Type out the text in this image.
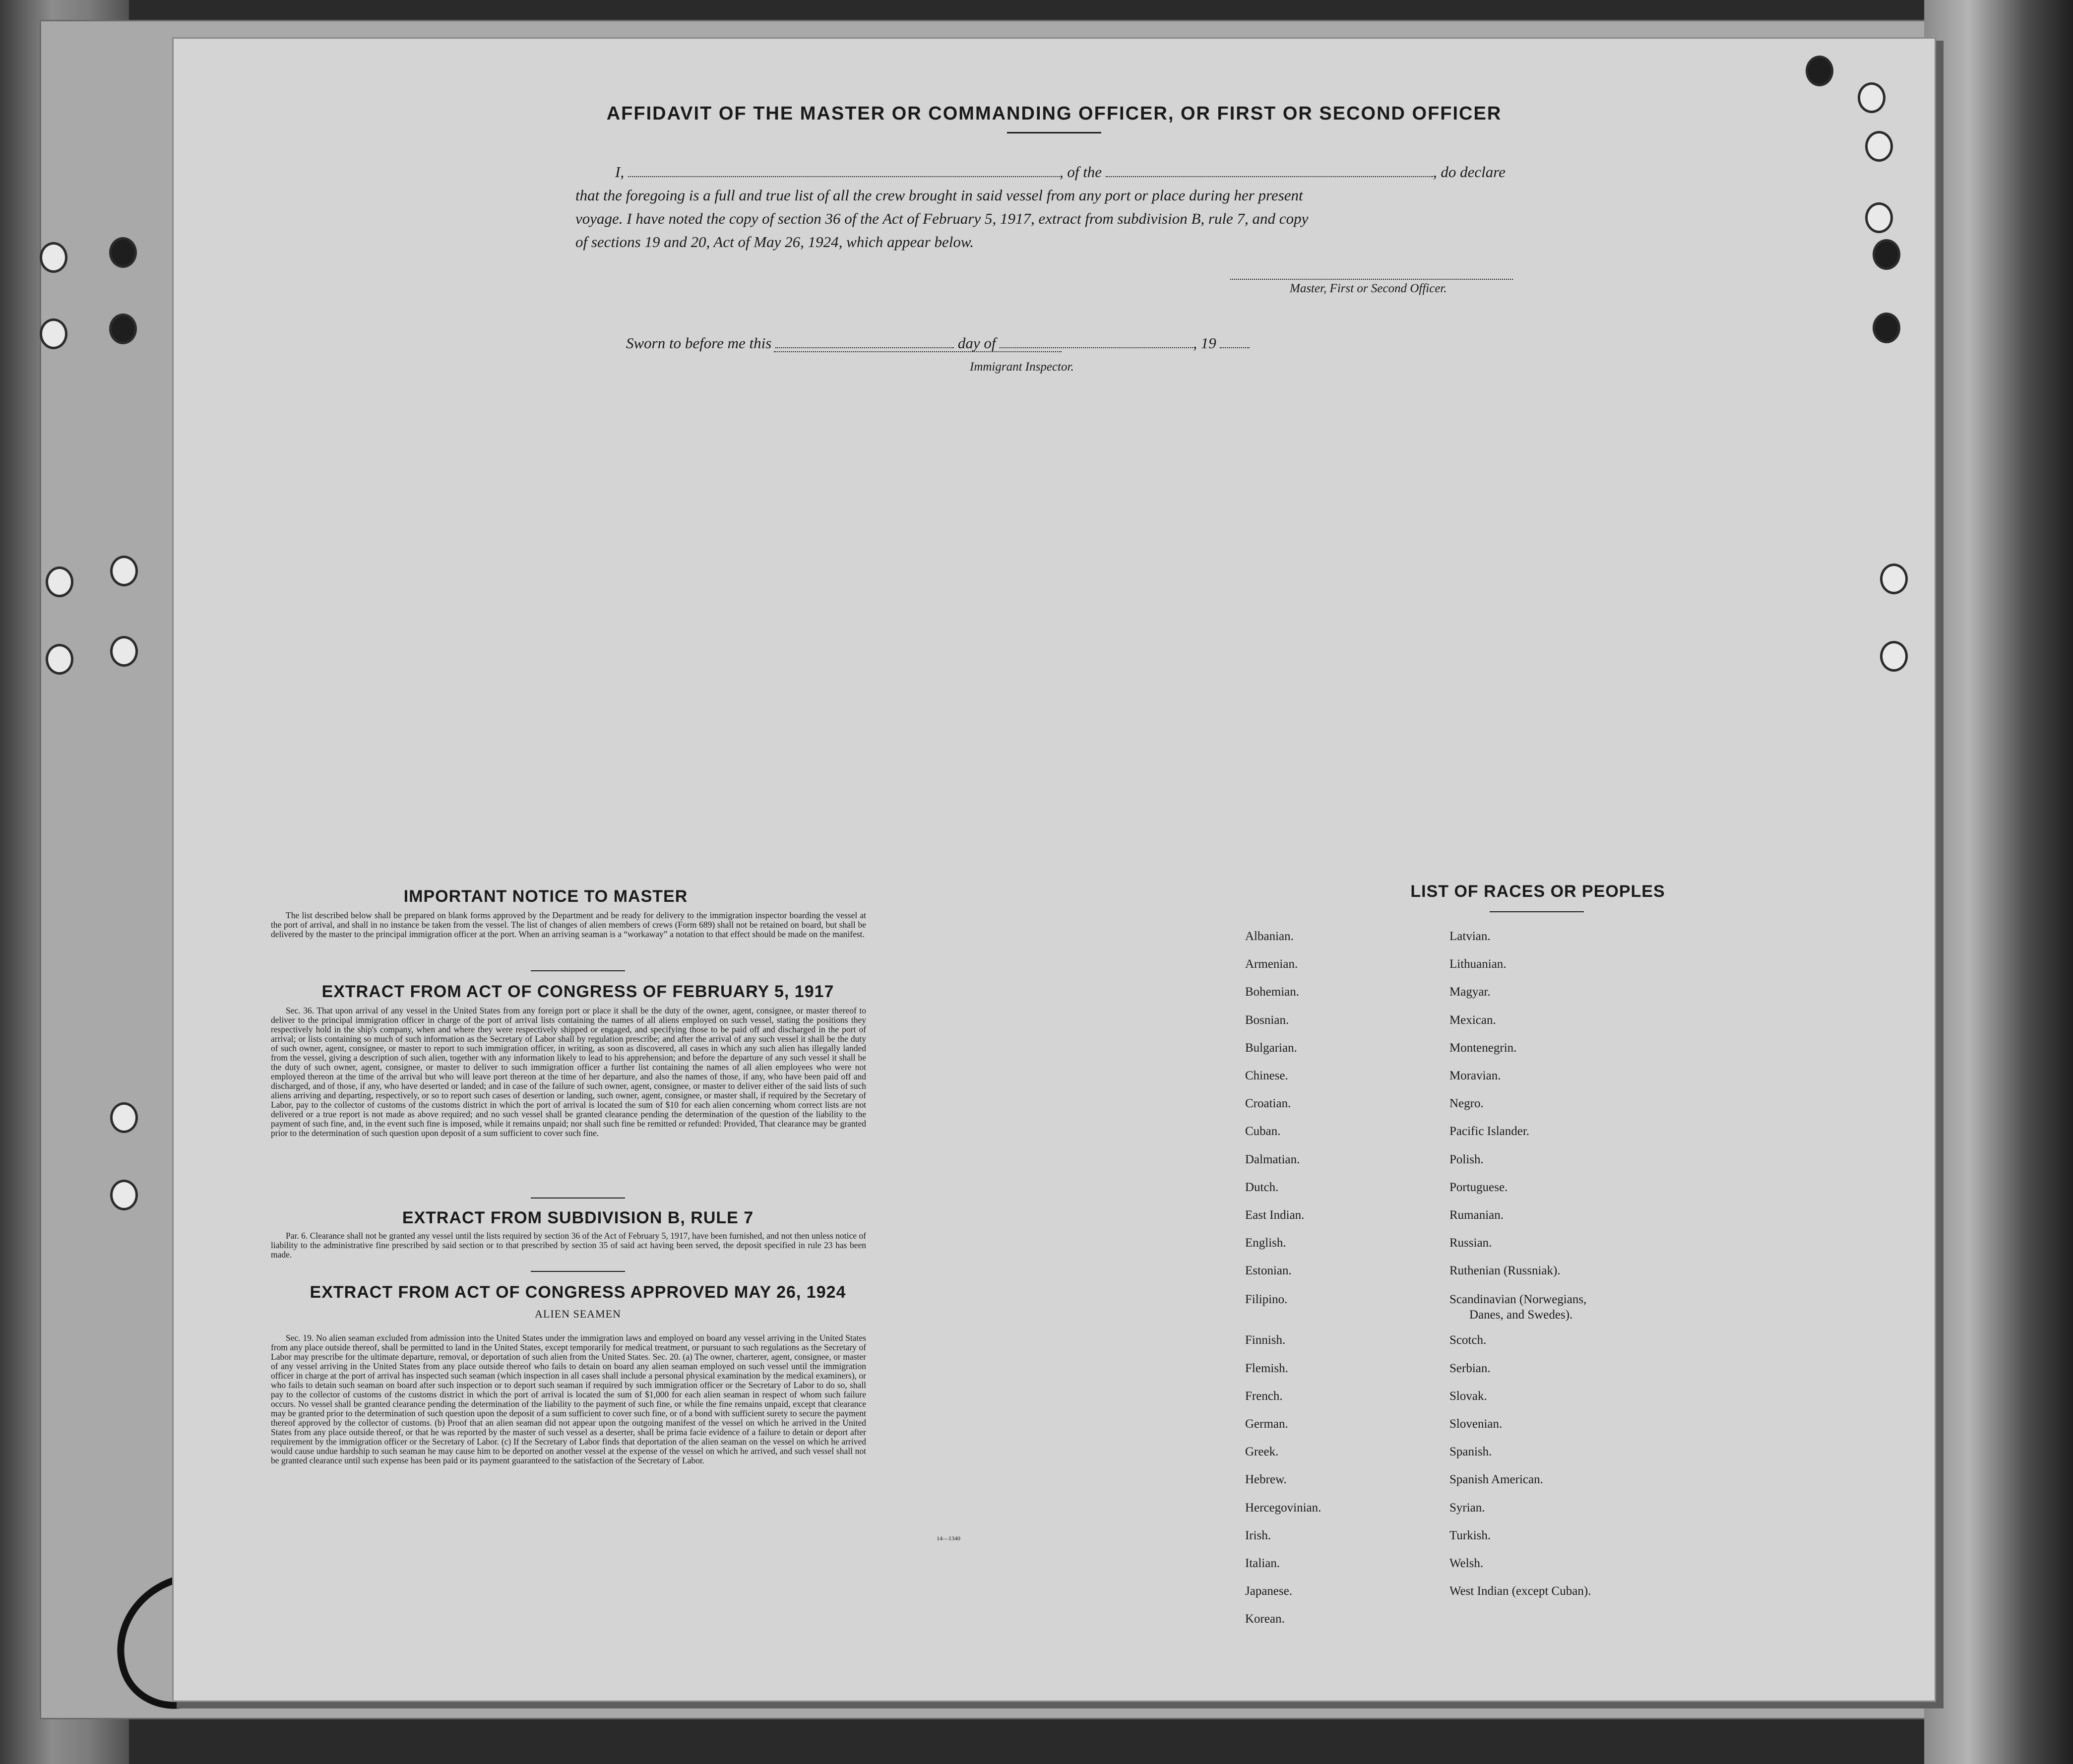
AFFIDAVIT OF THE MASTER OR COMMANDING OFFICER, OR FIRST OR SECOND OFFICER
I,	, of the	, do declare
that the foregoing is a full and true list of all the crew brought in said vessel from any port or place during her present
voyage. I have noted the copy of section 36 of the Act of February 5, 1917, extract from subdivision B, rule 7, and copy
of sections 19 and 20, Act of May 26, 1924, which appear below.
Master, First or Second Officer.
Sworn to before me this	day of	, 19
Immigrant Inspector.
IMPORTANT NOTICE TO MASTER
The list described below shall be prepared on blank forms approved by the Department and be ready for delivery to the immigration inspector boarding the vessel at the port of arrival, and shall in no instance be taken from the vessel. The list of changes of alien members of crews (Form 689) shall not be retained on board, but shall be delivered by the master to the principal immigration officer at the port. When an arriving seaman is a “workaway” a notation to that effect should be made on the manifest.
EXTRACT FROM ACT OF CONGRESS OF FEBRUARY 5, 1917
Sec. 36. That upon arrival of any vessel in the United States from any foreign port or place it shall be the duty of the owner, agent, consignee, or master thereof to deliver to the principal immigration officer in charge of the port of arrival lists containing the names of all aliens employed on such vessel, stating the positions they respectively hold in the ship's company, when and where they were respectively shipped or engaged, and specifying those to be paid off and discharged in the port of arrival; or lists containing so much of such information as the Secretary of Labor shall by regulation prescribe; and after the arrival of any such vessel it shall be the duty of such owner, agent, consignee, or master to report to such immigration officer, in writing, as soon as discovered, all cases in which any such alien has illegally landed from the vessel, giving a description of such alien, together with any information likely to lead to his apprehension; and before the departure of any such vessel it shall be the duty of such owner, agent, consignee, or master to deliver to such immigration officer a further list containing the names of all alien employees who were not employed thereon at the time of the arrival but who will leave port thereon at the time of her departure, and also the names of those, if any, who have been paid off and discharged, and of those, if any, who have deserted or landed; and in case of the failure of such owner, agent, consignee, or master to deliver either of the said lists of such aliens arriving and departing, respectively, or so to report such cases of desertion or landing, such owner, agent, consignee, or master shall, if required by the Secretary of Labor, pay to the collector of customs of the customs district in which the port of arrival is located the sum of $10 for each alien concerning whom correct lists are not delivered or a true report is not made as above required; and no such vessel shall be granted clearance pending the determination of the question of the liability to the payment of such fine, and, in the event such fine is imposed, while it remains unpaid; nor shall such fine be remitted or refunded: Provided, That clearance may be granted prior to the determination of such question upon deposit of a sum sufficient to cover such fine.
EXTRACT FROM SUBDIVISION B, RULE 7
Par. 6. Clearance shall not be granted any vessel until the lists required by section 36 of the Act of February 5, 1917, have been furnished, and not then unless notice of liability to the administrative fine prescribed by said section or to that prescribed by section 35 of said act having been served, the deposit specified in rule 23 has been made.
EXTRACT FROM ACT OF CONGRESS APPROVED MAY 26, 1924
ALIEN SEAMEN
Sec. 19. No alien seaman excluded from admission into the United States under the immigration laws and employed on board any vessel arriving in the United States from any place outside thereof, shall be permitted to land in the United States, except temporarily for medical treatment, or pursuant to such regulations as the Secretary of Labor may prescribe for the ultimate departure, removal, or deportation of such alien from the United States. Sec. 20. (a) The owner, charterer, agent, consignee, or master of any vessel arriving in the United States from any place outside thereof who fails to detain on board any alien seaman employed on such vessel until the immigration officer in charge at the port of arrival has inspected such seaman (which inspection in all cases shall include a personal physical examination by the medical examiners), or who fails to detain such seaman on board after such inspection or to deport such seaman if required by such immigration officer or the Secretary of Labor to do so, shall pay to the collector of customs of the customs district in which the port of arrival is located the sum of $1,000 for each alien seaman in respect of whom such failure occurs. No vessel shall be granted clearance pending the determination of the liability to the payment of such fine, or while the fine remains unpaid, except that clearance may be granted prior to the determination of such question upon the deposit of a sum sufficient to cover such fine, or of a bond with sufficient surety to secure the payment thereof approved by the collector of customs. (b) Proof that an alien seaman did not appear upon the outgoing manifest of the vessel on which he arrived in the United States from any place outside thereof, or that he was reported by the master of such vessel as a deserter, shall be prima facie evidence of a failure to detain or deport after requirement by the immigration officer or the Secretary of Labor. (c) If the Secretary of Labor finds that deportation of the alien seaman on the vessel on which he arrived would cause undue hardship to such seaman he may cause him to be deported on another vessel at the expense of the vessel on which he arrived, and such vessel shall not be granted clearance until such expense has been paid or its payment guaranteed to the satisfaction of the Secretary of Labor.
14—1340
LIST OF RACES OR PEOPLES
Albanian.
Armenian.
Bohemian.
Bosnian.
Bulgarian.
Chinese.
Croatian.
Cuban.
Dalmatian.
Dutch.
East Indian.
English.
Estonian.
Filipino.
Finnish.
Flemish.
French.
German.
Greek.
Hebrew.
Hercegovinian.
Irish.
Italian.
Japanese.
Korean.
Latvian.
Lithuanian.
Magyar.
Mexican.
Montenegrin.
Moravian.
Negro.
Pacific Islander.
Polish.
Portuguese.
Rumanian.
Russian.
Ruthenian (Russniak).
Scandinavian (Norwegians,
Danes, and Swedes).
Scotch.
Serbian.
Slovak.
Slovenian.
Spanish.
Spanish American.
Syrian.
Turkish.
Welsh.
West Indian (except Cuban).
